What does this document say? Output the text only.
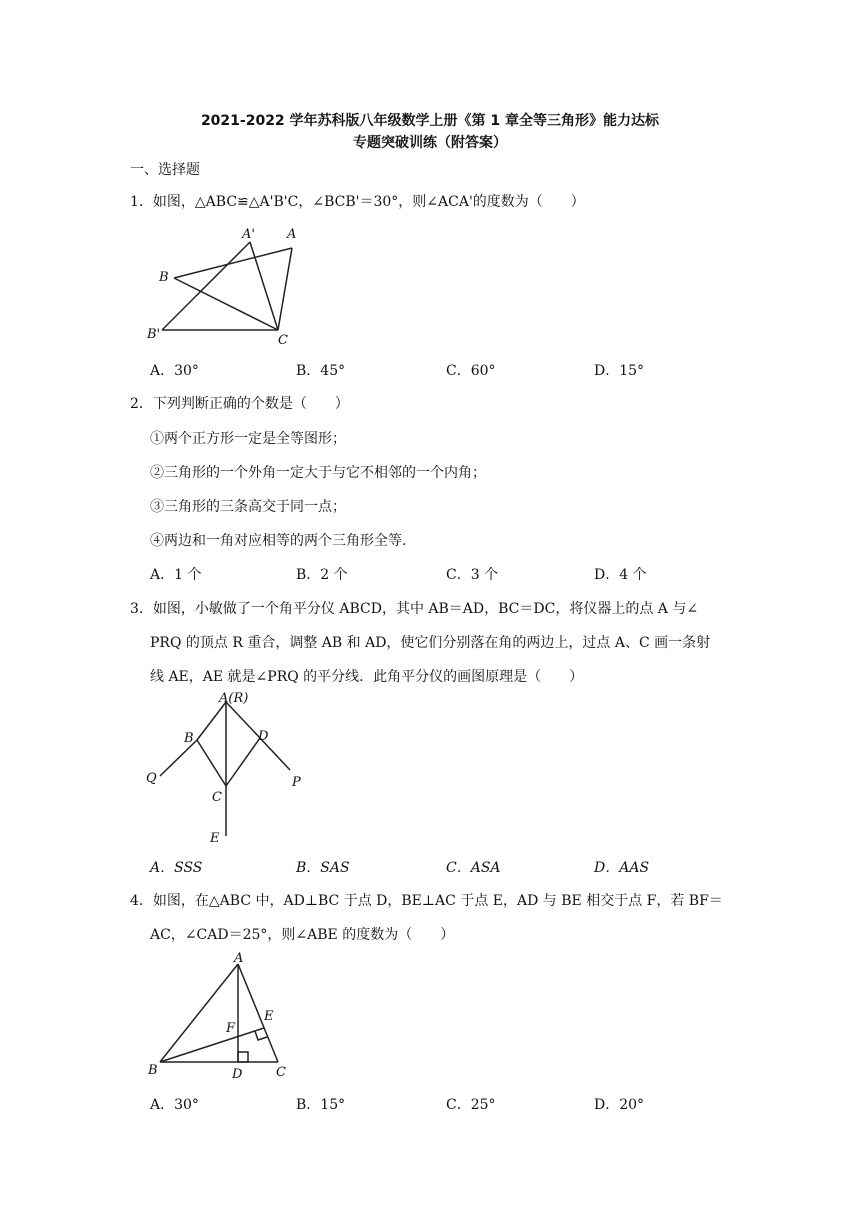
2021-2022 学年苏科版八年级数学上册《第 1 章全等三角形》能力达标
专题突破训练（附答案）
一、选择题
1．如图，△ABC≌△A'B'C，∠BCB'＝30°，则∠ACA'的度数为（　　）
A' A
B
B'	C
A．30°	B．45°	C．60°	D．15°
2．下列判断正确的个数是（　　）
①两个正方形一定是全等图形；
②三角形的一个外角一定大于与它不相邻的一个内角；
③三角形的三条高交于同一点；
④两边和一角对应相等的两个三角形全等.
A．1 个	B．2 个	C．3 个	D．4 个
3．如图，小敏做了一个角平分仪 ABCD，其中 AB＝AD，BC＝DC，将仪器上的点 A 与∠
PRQ 的顶点 R 重合，调整 AB 和 AD，使它们分别落在角的两边上，过点 A、C 画一条射
线 AE，AE 就是∠PRQ 的平分线．此角平分仪的画图原理是（　　）
A(R)
B	D
Q	P
C
E
A．SSS	B．SAS	C．ASA	D．AAS
4．如图，在△ABC 中，AD⊥BC 于点 D，BE⊥AC 于点 E，AD 与 BE 相交于点 F，若 BF＝
AC，∠CAD＝25°，则∠ABE 的度数为（　　）
A
E
F
B	D	C
A．30°	B．15°	C．25°	D．20°
